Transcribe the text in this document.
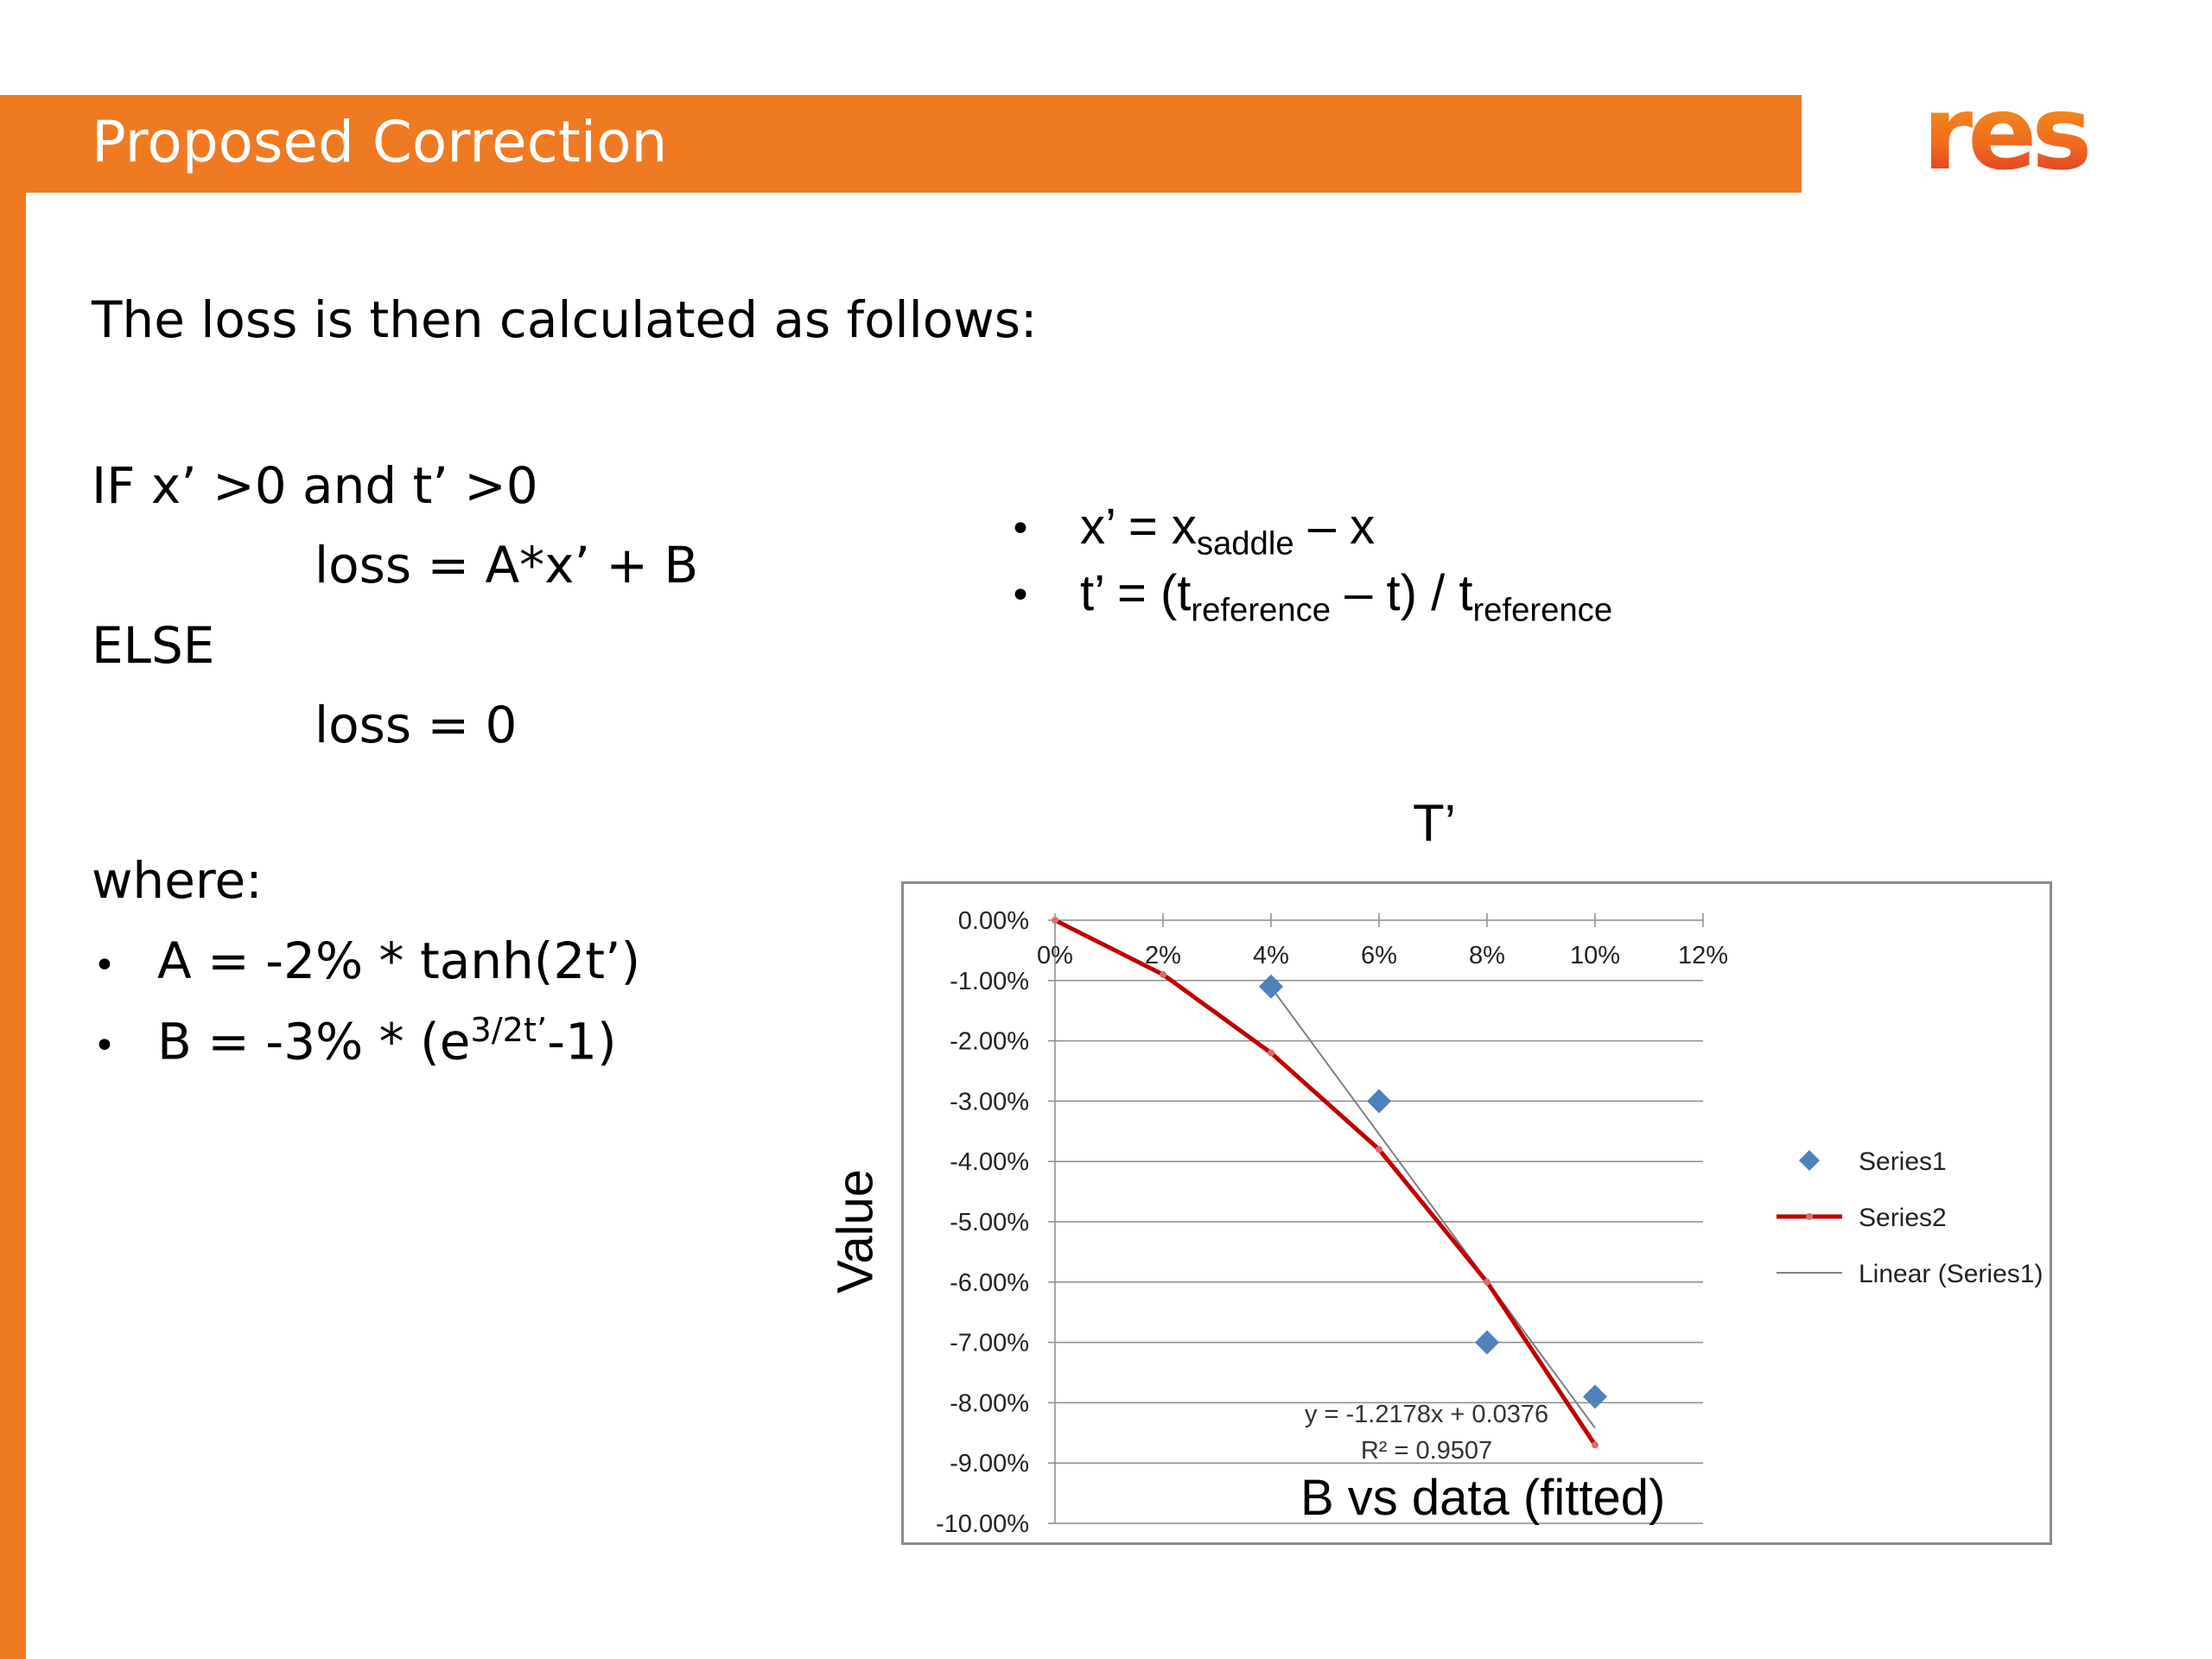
Proposed Correction	res
The loss is then calculated as follows:
IF x’ >0 and t’ >0
loss = A*x’ + B
ELSE
loss = 0
where:
• A = -2% * tanh(2t’)
• $B = -3\% * (e^{3/2t’}-1)$
• x’ = $x_{saddle}$ – x
• t’ = $(t_{reference} - t) / t_{reference}$
T’
Value
0.00%
-1.00%
-2.00%
-3.00%
-4.00%
-5.00%
-6.00%
-7.00%
-8.00%
-9.00%
-10.00%
0%	2%	4%	6%	8%	10% 12%
y = -1.2178x + 0.0376
R² = 0.9507
Series1
Series2
Linear (Series1)
B vs data (fitted)
